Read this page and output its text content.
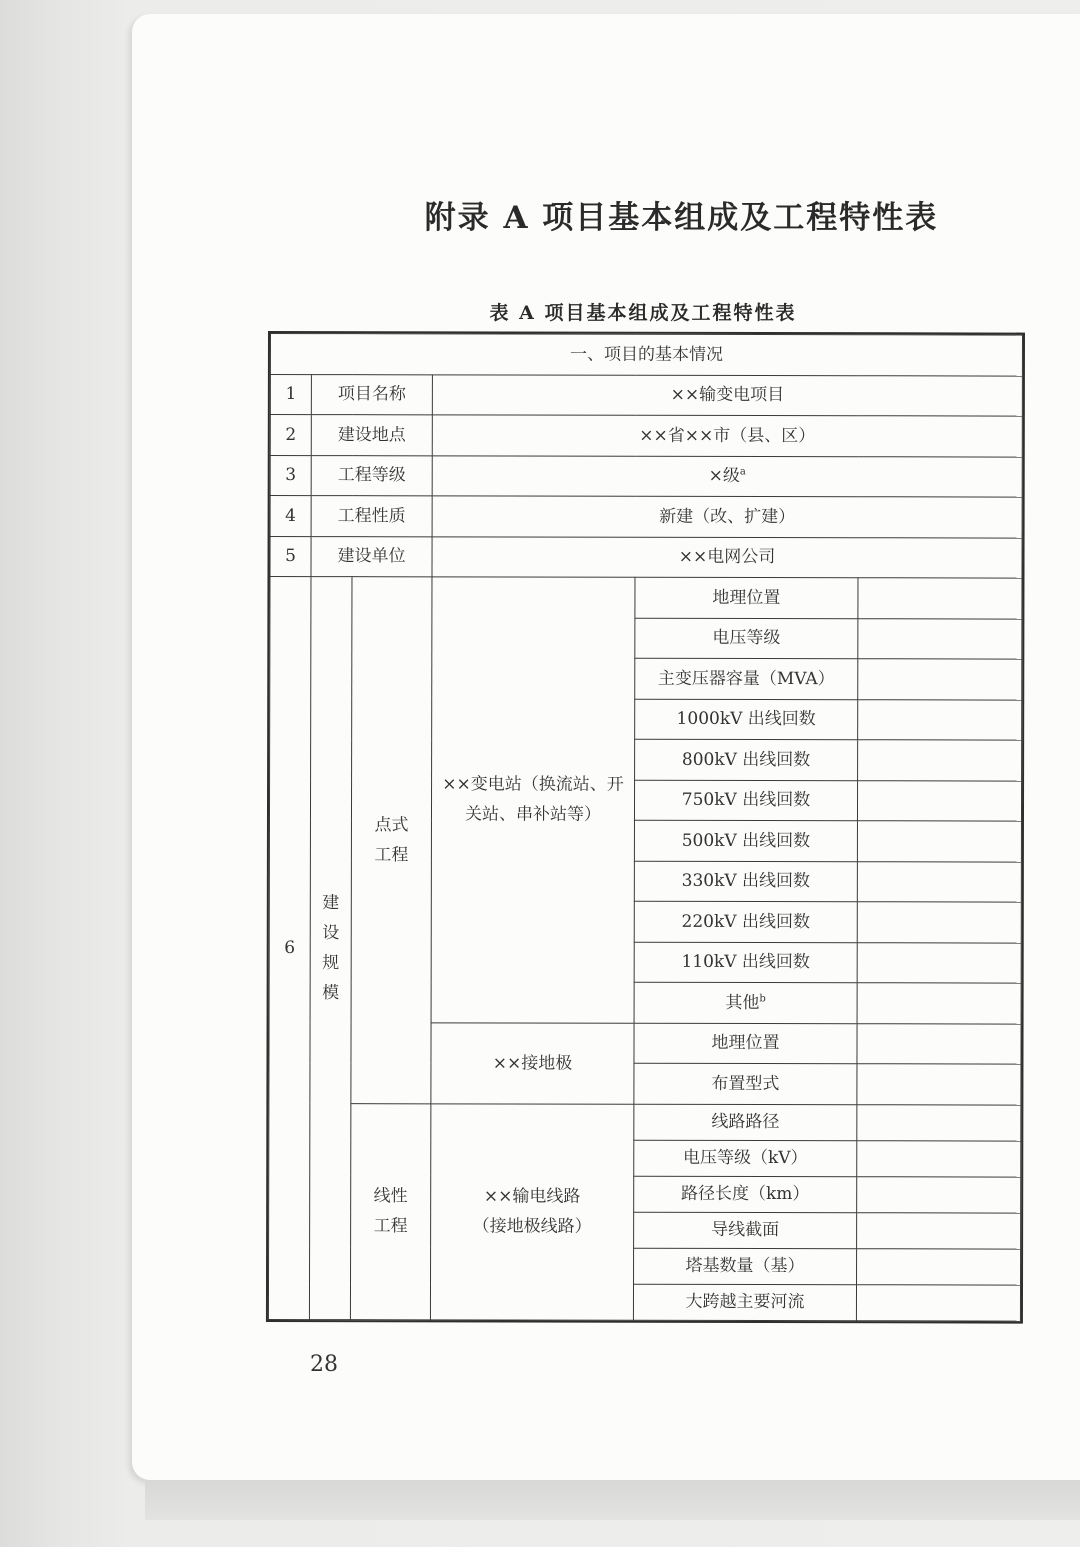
附录 A 项目基本组成及工程特性表
表 A 项目基本组成及工程特性表
一、项目的基本情况					
1	项目名称		××输变电项目		
2	建设地点		××省××市（县、区）		
3	工程等级		×级$^a$
4	工程性质		新建（改、扩建）		
5	建设单位		××电网公司		
6	建设规模	点式工程	××变电站（换流站、开关站、串补站等）	地理位置	
				电压等级	
				主变压器容量（MVA）	
				1000kV 出线回数	
				800kV 出线回数	
				750kV 出线回数	
				500kV 出线回数	
				330kV 出线回数	
				220kV 出线回数	
				110kV 出线回数	
				其他$^b$	
			××接地极	地理位置	
				布置型式	
		线性工程	××输电线路（接地极线路）	线路路径	
				电压等级（kV）	
				路径长度（km）	
				导线截面	
				塔基数量（基）	
				大跨越主要河流	
28
